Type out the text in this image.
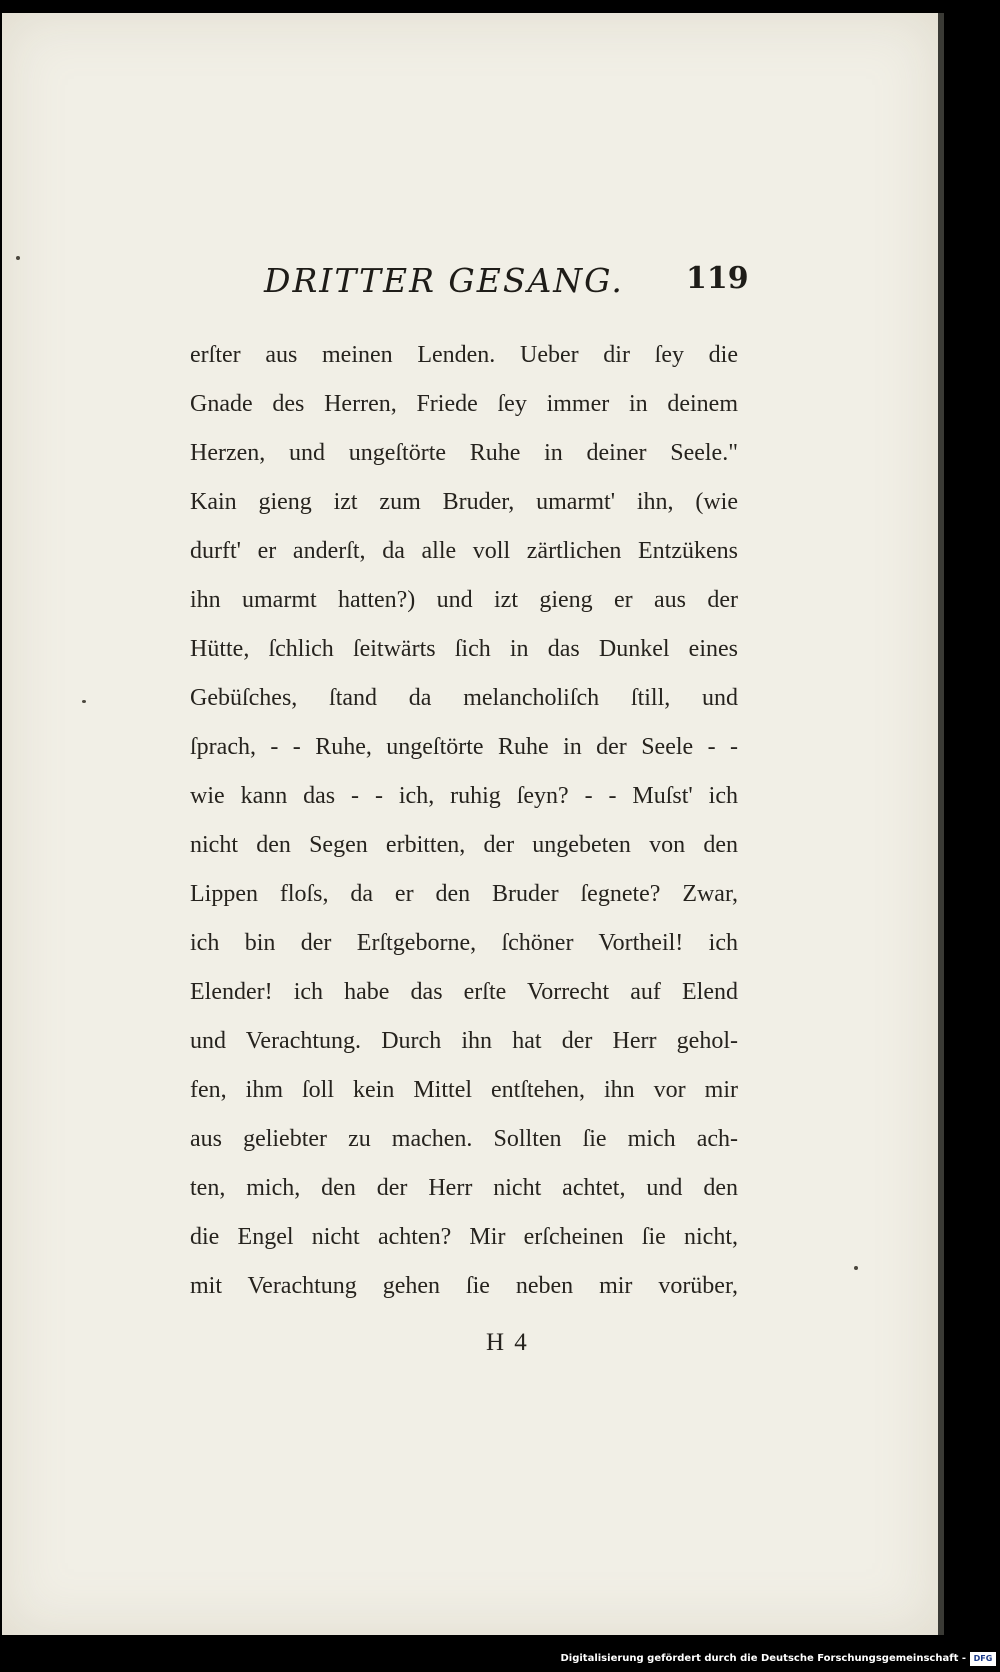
DRITTER GESANG. 119
erſter aus meinen Lenden. Ueber dir ſey die
Gnade des Herren, Friede ſey immer in deinem
Herzen, und ungeſtörte Ruhe in deiner Seele."
Kain gieng izt zum Bruder, umarmt' ihn, (wie
durft' er anderſt, da alle voll zärtlichen Entzükens
ihn umarmt hatten?) und izt gieng er aus der
Hütte, ſchlich ſeitwärts ſich in das Dunkel eines
Gebüſches, ſtand da melancholiſch ſtill, und
ſprach, - - Ruhe, ungeſtörte Ruhe in der Seele - -
wie kann das - - ich, ruhig ſeyn? - - Muſst' ich
nicht den Segen erbitten, der ungebeten von den
Lippen floſs, da er den Bruder ſegnete? Zwar,
ich bin der Erſtgeborne, ſchöner Vortheil! ich
Elender! ich habe das erſte Vorrecht auf Elend
und Verachtung. Durch ihn hat der Herr gehol-
fen, ihm ſoll kein Mittel entſtehen, ihn vor mir
aus geliebter zu machen. Sollten ſie mich ach-
ten, mich, den der Herr nicht achtet, und den
die Engel nicht achten? Mir erſcheinen ſie nicht,
mit Verachtung gehen ſie neben mir vorüber,
H 4
Digitalisierung gefördert durch die Deutsche Forschungsgemeinschaft - DFG
